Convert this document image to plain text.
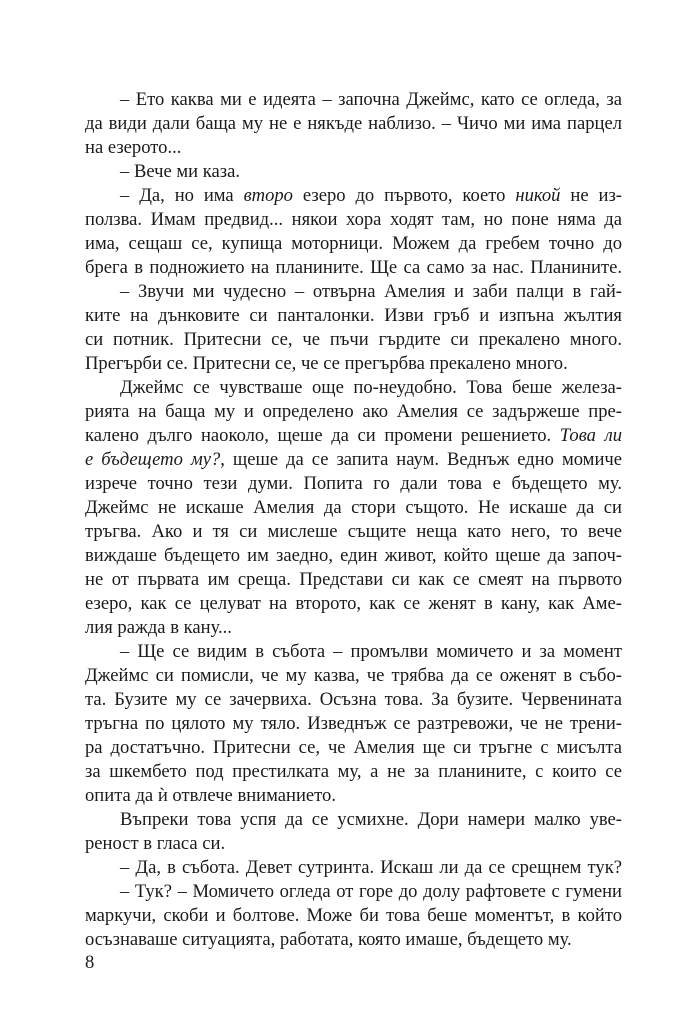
– Ето каква ми е идеята – започна Джеймс, като се огледа, за
да види дали баща му не е някъде наблизо. – Чичо ми има парцел
на езерото...
– Вече ми каза.
– Да, но има второ езеро до първото, което никой не из-
ползва. Имам предвид... някои хора ходят там, но поне няма да
има, сещаш се, купища моторници. Можем да гребем точно до
брега в подножието на планините. Ще са само за нас. Планините.
– Звучи ми чудесно – отвърна Амелия и заби палци в гай-
ките на дънковите си панталонки. Изви гръб и изпъна жълтия
си потник. Притесни се, че пъчи гърдите си прекалено много.
Прегърби се. Притесни се, че се прегърбва прекалено много.
Джеймс се чувстваше още по-неудобно. Това беше железа-
рията на баща му и определено ако Амелия се задържеше пре-
калено дълго наоколо, щеше да си промени решението. Това ли
е бъдещето му?, щеше да се запита наум. Веднъж едно момиче
изрече точно тези думи. Попита го дали това е бъдещето му.
Джеймс не искаше Амелия да стори същото. Не искаше да си
тръгва. Ако и тя си мислеше същите неща като него, то вече
виждаше бъдещето им заедно, един живот, който щеше да започ-
не от първата им среща. Представи си как се смеят на първото
езеро, как се целуват на второто, как се женят в кану, как Аме-
лия ражда в кану...
– Ще се видим в събота – промълви момичето и за момент
Джеймс си помисли, че му казва, че трябва да се оженят в събо-
та. Бузите му се зачервиха. Осъзна това. За бузите. Червенината
тръгна по цялото му тяло. Изведнъж се разтревожи, че не трени-
ра достатъчно. Притесни се, че Амелия ще си тръгне с мисълта
за шкембето под престилката му, а не за планините, с които се
опита да ѝ отвлече вниманието.
Въпреки това успя да се усмихне. Дори намери малко уве-
реност в гласа си.
– Да, в събота. Девет сутринта. Искаш ли да се срещнем тук?
– Тук? – Момичето огледа от горе до долу рафтовете с гумени
маркучи, скоби и болтове. Може би това беше моментът, в който
осъзнаваше ситуацията, работата, която имаше, бъдещето му.
8
